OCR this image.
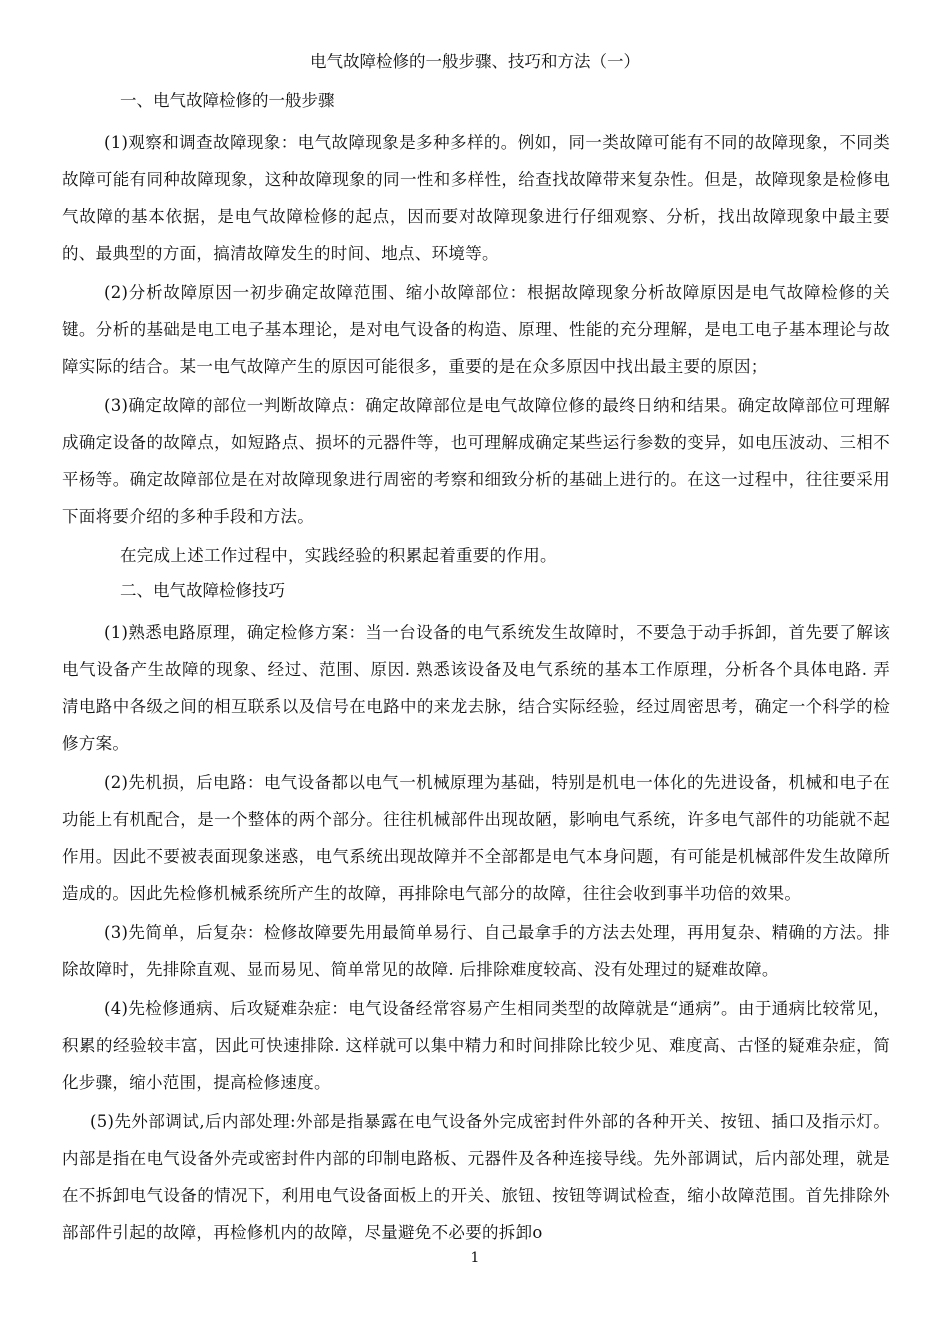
电气故障检修的一般步骤、技巧和方法（一）
一、电气故障检修的一般步骤

(1)观察和调查故障现象：电气故障现象是多种多样的。例如，同一类故障可能有不同的故障现象，不同类故障可能有同种故障现象，这种故障现象的同一性和多样性，给查找故障带来复杂性。但是，故障现象是检修电气故障的基本依据，是电气故障检修的起点，因而要对故障现象进行仔细观察、分析，找出故障现象中最主要的、最典型的方面，搞清故障发生的时间、地点、环境等。

(2)分析故障原因一初步确定故障范围、缩小故障部位：根据故障现象分析故障原因是电气故障检修的关键。分析的基础是电工电子基本理论，是对电气设备的构造、原理、性能的充分理解，是电工电子基本理论与故障实际的结合。某一电气故障产生的原因可能很多，重要的是在众多原因中找出最主要的原因；

(3)确定故障的部位一判断故障点：确定故障部位是电气故障位修的最终日纳和结果。确定故障部位可理解成确定设备的故障点，如短路点、损坏的元器件等，也可理解成确定某些运行参数的变异，如电压波动、三相不平杨等。确定故障部位是在对故障现象进行周密的考察和细致分析的基础上进行的。在这一过程中，往往要采用下面将要介绍的多种手段和方法。

在完成上述工作过程中，实践经验的积累起着重要的作用。

二、电气故障检修技巧

(1)熟悉电路原理，确定检修方案：当一台设备的电气系统发生故障时，不要急于动手拆卸，首先要了解该电气设备产生故障的现象、经过、范围、原因. 熟悉该设备及电气系统的基本工作原理，分析各个具体电路. 弄清电路中各级之间的相互联系以及信号在电路中的来龙去脉，结合实际经验，经过周密思考，确定一个科学的检修方案。

(2)先机损，后电路：电气设备都以电气一机械原理为基础，特别是机电一体化的先进设备，机械和电子在功能上有机配合，是一个整体的两个部分。往往机械部件出现故陋，影响电气系统，许多电气部件的功能就不起作用。因此不要被表面现象迷惑，电气系统出现故障并不全部都是电气本身问题，有可能是机械部件发生故障所造成的。因此先检修机械系统所产生的故障，再排除电气部分的故障，往往会收到事半功倍的效果。

(3)先简单，后复杂：检修故障要先用最简单易行、自己最拿手的方法去处理，再用复杂、精确的方法。排除故障时，先排除直观、显而易见、简单常见的故障. 后排除难度较高、没有处理过的疑难故障。

(4)先检修通病、后攻疑难杂症：电气设备经常容易产生相同类型的故障就是“通病”。由于通病比较常见，积累的经验较丰富，因此可快速排除. 这样就可以集中精力和时间排除比较少见、难度高、古怪的疑难杂症，简化步骤，缩小范围，提高检修速度。

(5)先外部调试,后内部处理:外部是指暴露在电气设备外完成密封件外部的各种开关、按钮、插口及指示灯。内部是指在电气设备外壳或密封件内部的印制电路板、元器件及各种连接导线。先外部调试，后内部处理，就是在不拆卸电气设备的情况下，利用电气设备面板上的开关、旅钮、按钮等调试检查，缩小故障范围。首先排除外部部件引起的故障，再检修机内的故障，尽量避免不必要的拆卸o

1
